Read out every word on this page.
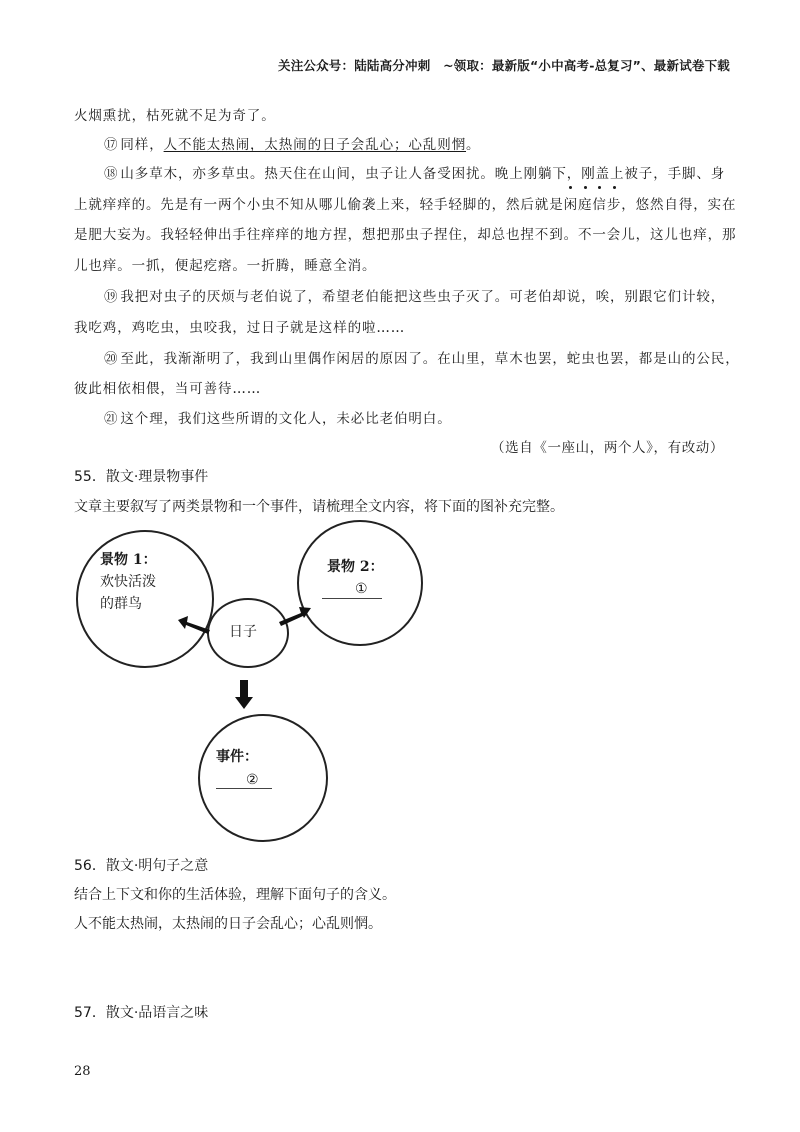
关注公众号：陆陆高分冲刺　~领取：最新版“小中高考-总复习”、最新试卷下载
火烟熏扰，枯死就不足为奇了。
⑰ 同样，人不能太热闹，太热闹的日子会乱心；心乱则惘。
⑱ 山多草木，亦多草虫。热天住在山间，虫子让人备受困扰。晚上刚躺下，刚盖上被子，手脚、身
上就痒痒的。先是有一两个小虫不知从哪儿偷袭上来，轻手轻脚的，然后就是闲庭信步，悠然自得，实在
是肥大妄为。我轻轻伸出手往痒痒的地方捏，想把那虫子捏住，却总也捏不到。不一会儿，这儿也痒，那
儿也痒。一抓，便起疙瘩。一折腾，睡意全消。
⑲ 我把对虫子的厌烦与老伯说了，希望老伯能把这些虫子灭了。可老伯却说，唉，别跟它们计较，
我吃鸡，鸡吃虫，虫咬我，过日子就是这样的啦……
⑳ 至此，我渐渐明了，我到山里偶作闲居的原因了。在山里，草木也罢，蛇虫也罢，都是山的公民，
彼此相依相偎，当可善待……
㉑ 这个理，我们这些所谓的文化人，未必比老伯明白。
（选自《一座山，两个人》，有改动）
55．散文·理景物事件
文章主要叙写了两类景物和一个事件，请梳理全文内容，将下面的图补充完整。
景物 1：
欢快活泼
的群鸟
日子
景物 2：
①
事件：
②
56．散文·明句子之意
结合上下文和你的生活体验，理解下面句子的含义。
人不能太热闹，太热闹的日子会乱心；心乱则惘。
57．散文·品语言之味
28
